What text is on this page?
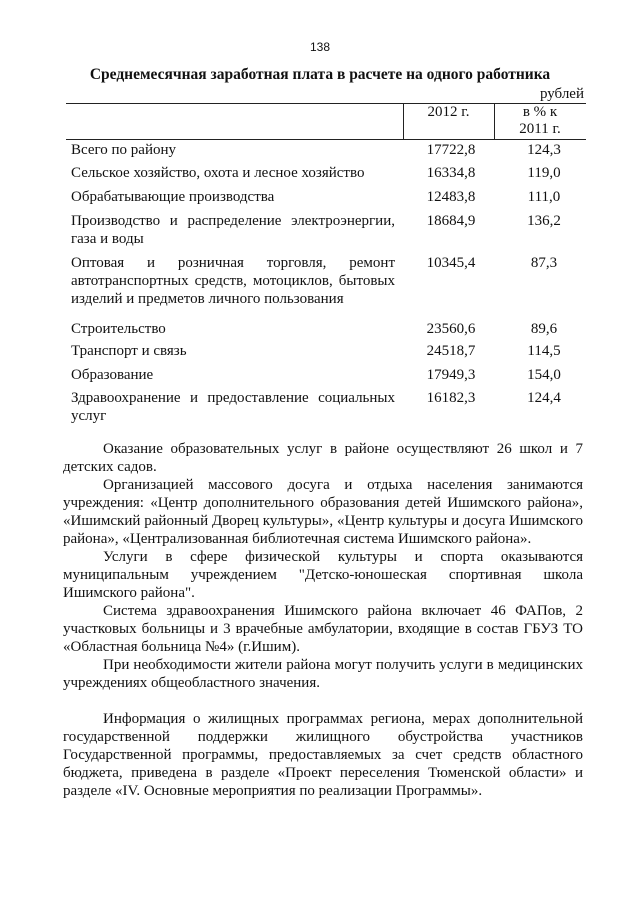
138
Среднемесячная заработная плата в расчете на одного работника
рублей
2012 г.	в % к
2011 г.
Всего по району	17722,8	124,3
Сельское хозяйство, охота и лесное хозяйство	16334,8	119,0
Обрабатывающие производства	12483,8	111,0
Производство и распределение электроэнергии, газа и воды
18684,9	136,2
Оптовая и розничная торговля, ремонт автотранспортных средств, мотоциклов, бытовых изделий и предметов личного пользования
10345,4	87,3
Строительство	23560,6	89,6
Транспорт и связь	24518,7	114,5
Образование	17949,3	154,0
Здравоохранение и предоставление социальных услуг
16182,3	124,4

Оказание образовательных услуг в районе осуществляют 26 школ и 7 детских садов.

Организацией массового досуга и отдыха населения занимаются учреждения: «Центр дополнительного образования детей Ишимского района», «Ишимский районный Дворец культуры», «Центр культуры и досуга Ишимского района», «Централизованная библиотечная система Ишимского района».

Услуги в сфере физической культуры и спорта оказываются муниципальным учреждением "Детско-юношеская спортивная школа Ишимского района".

Система здравоохранения Ишимского района включает 46 ФАПов, 2 участковых больницы и 3 врачебные амбулатории, входящие в состав ГБУЗ ТО «Областная больница №4» (г.Ишим).

При необходимости жители района могут получить услуги в медицинских учреждениях общеобластного значения.

Информация о жилищных программах региона, мерах дополнительной государственной поддержки жилищного обустройства участников Государственной программы, предоставляемых за счет средств областного бюджета, приведена в разделе «Проект переселения Тюменской области» и разделе «IV. Основные мероприятия по реализации Программы».
